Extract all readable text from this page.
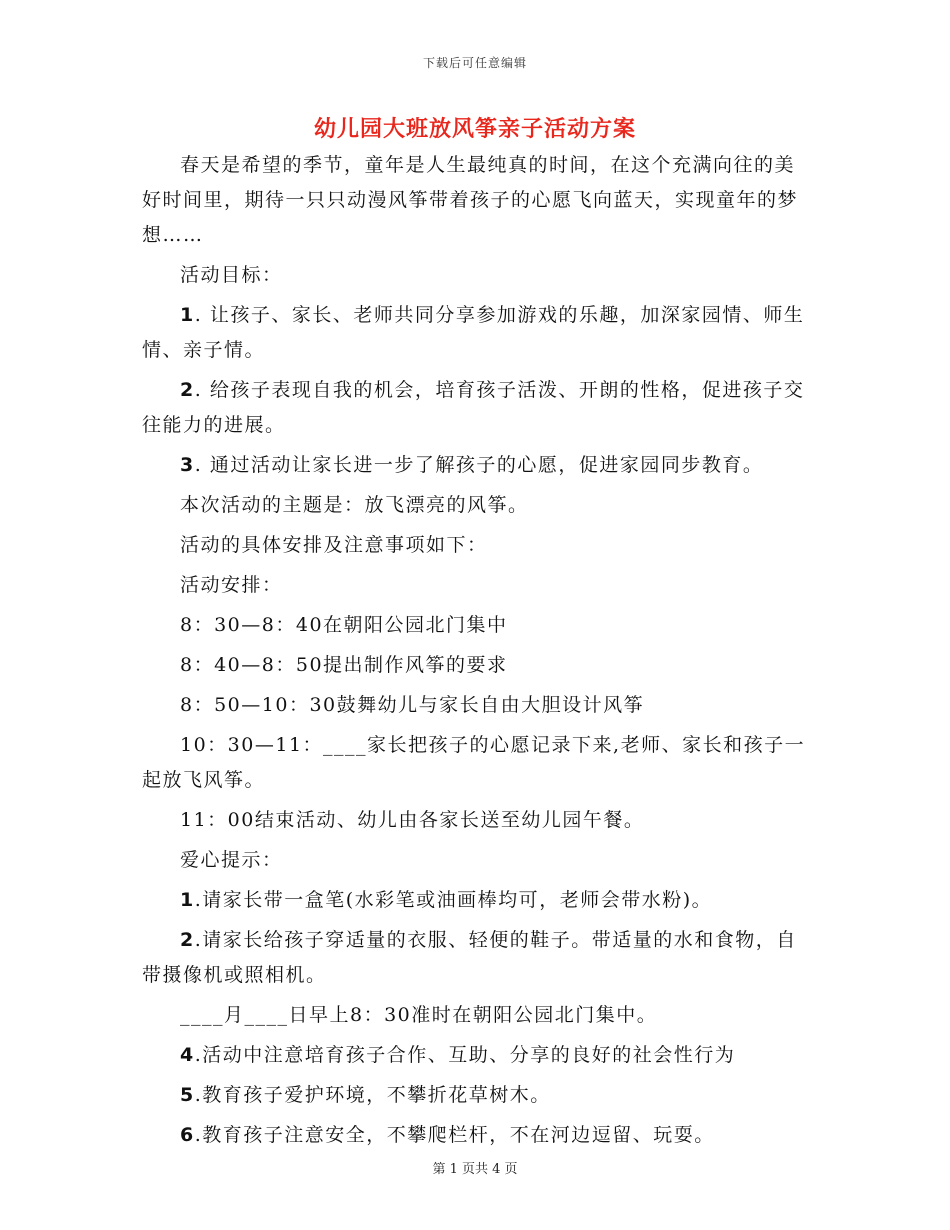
下载后可任意编辑
幼儿园大班放风筝亲子活动方案

春天是希望的季节，童年是人生最纯真的时间，在这个充满向往的美好时间里，期待一只只动漫风筝带着孩子的心愿飞向蓝天，实现童年的梦想……

活动目标：

1. 让孩子、家长、老师共同分享参加游戏的乐趣，加深家园情、师生情、亲子情。

2. 给孩子表现自我的机会，培育孩子活泼、开朗的性格，促进孩子交往能力的进展。

3. 通过活动让家长进一步了解孩子的心愿，促进家园同步教育。

本次活动的主题是：放飞漂亮的风筝。

活动的具体安排及注意事项如下：

活动安排：

8：30—8：40在朝阳公园北门集中

8：40—8：50提出制作风筝的要求

8：50—10：30鼓舞幼儿与家长自由大胆设计风筝

10：30—11：____家长把孩子的心愿记录下来,老师、家长和孩子一起放飞风筝。

11：00结束活动、幼儿由各家长送至幼儿园午餐。

爱心提示：

1.请家长带一盒笔(水彩笔或油画棒均可，老师会带水粉)。

2.请家长给孩子穿适量的衣服、轻便的鞋子。带适量的水和食物，自带摄像机或照相机。

____月____日早上8：30准时在朝阳公园北门集中。

4.活动中注意培育孩子合作、互助、分享的良好的社会性行为

5.教育孩子爱护环境，不攀折花草树木。

6.教育孩子注意安全，不攀爬栏杆，不在河边逗留、玩耍。

第 1 页共 4 页
